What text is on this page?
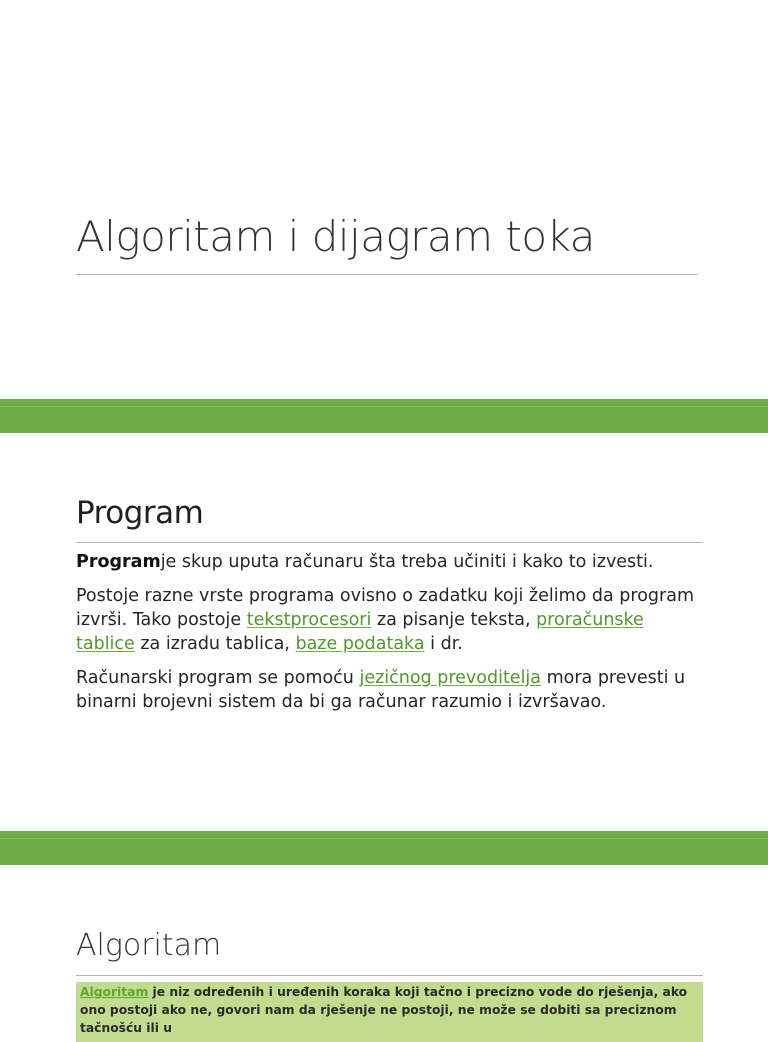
Algoritam i dijagram toka
Program

Programje skup uputa računaru šta treba učiniti i kako to izvesti.

Postoje razne vrste programa ovisno o zadatku koji želimo da program izvrši. Tako postoje tekstprocesori za pisanje teksta, proračunske tablice za izradu tablica, baze podataka i dr.

Računarski program se pomoću jezičnog prevoditelja mora prevesti u binarni brojevni sistem da bi ga računar razumio i izvršavao.

Algoritam
Algoritam je niz određenih i uređenih koraka koji tačno i precizno vode do rješenja, ako ono postoji ako ne, govori nam da rješenje ne postoji, ne može se dobiti sa preciznom tačnošću ili u
